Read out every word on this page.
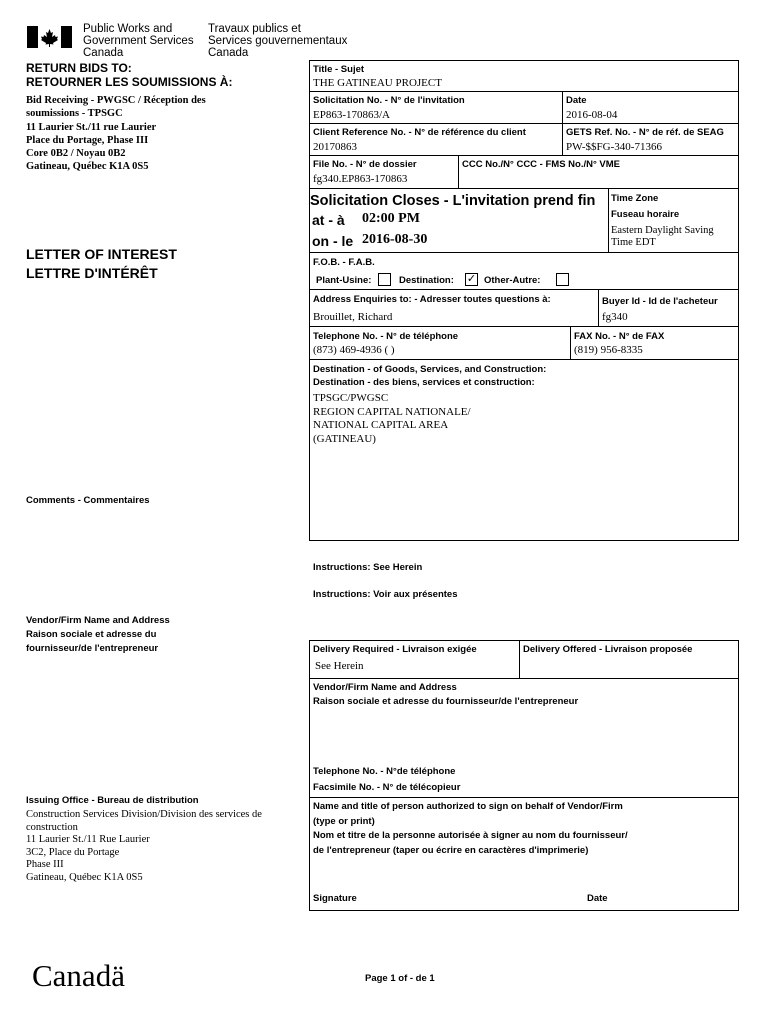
Public Works and
Government Services
Canada
Travaux publics et
Services gouvernementaux
Canada
RETURN BIDS TO:
RETOURNER LES SOUMISSIONS À:
Bid Receiving - PWGSC / Réception des
soumissions - TPSGC
11 Laurier St./11 rue Laurier
Place du Portage, Phase III
Core 0B2 / Noyau 0B2
Gatineau, Québec K1A 0S5
LETTER OF INTEREST
LETTRE D'INTÉRÊT
Comments - Commentaires
Vendor/Firm Name and Address
Raison sociale et adresse du
fournisseur/de l'entrepreneur
Issuing Office - Bureau de distribution
Construction Services Division/Division des services de
construction
11 Laurier St./11 Rue Laurier
3C2, Place du Portage
Phase III
Gatineau, Québec K1A 0S5
Title - Sujet
THE GATINEAU PROJECT
Solicitation No. - N° de l'invitation
EP863-170863/A
Date
2016-08-04
Client Reference No. - N° de référence du client
20170863
GETS Ref. No. - N° de réf. de SEAG
PW-$$FG-340-71366
File No. - N° de dossier
fg340.EP863-170863
CCC No./N° CCC - FMS No./N° VME
Solicitation Closes - L'invitation prend fin
at - à 02:00 PM
on - le 2016-08-30
Time Zone
Fuseau horaire
Eastern Daylight Saving
Time EDT
F.O.B. - F.A.B.
Plant-Usine:	Destination: ✓ Other-Autre:
Address Enquiries to: - Adresser toutes questions à:
Brouillet, Richard
Buyer Id - Id de l'acheteur
fg340
Telephone No. - N° de téléphone
(873) 469-4936 ( )
FAX No. - N° de FAX
(819) 956-8335
Destination - of Goods, Services, and Construction:
Destination - des biens, services et construction:
TPSGC/PWGSC
REGION CAPITAL NATIONALE/
NATIONAL CAPITAL AREA
(GATINEAU)
Instructions: See Herein
Instructions: Voir aux présentes
Delivery Required - Livraison exigée
See Herein
Delivery Offered - Livraison proposée
Vendor/Firm Name and Address
Raison sociale et adresse du fournisseur/de l'entrepreneur
Telephone No. - N°de téléphone
Facsimile No. - N° de télécopieur
Name and title of person authorized to sign on behalf of Vendor/Firm
(type or print)
Nom et titre de la personne autorisée à signer au nom du fournisseur/
de l'entrepreneur (taper ou écrire en caractères d'imprimerie)
Signature	Date
Canadä	Page 1 of - de 1
